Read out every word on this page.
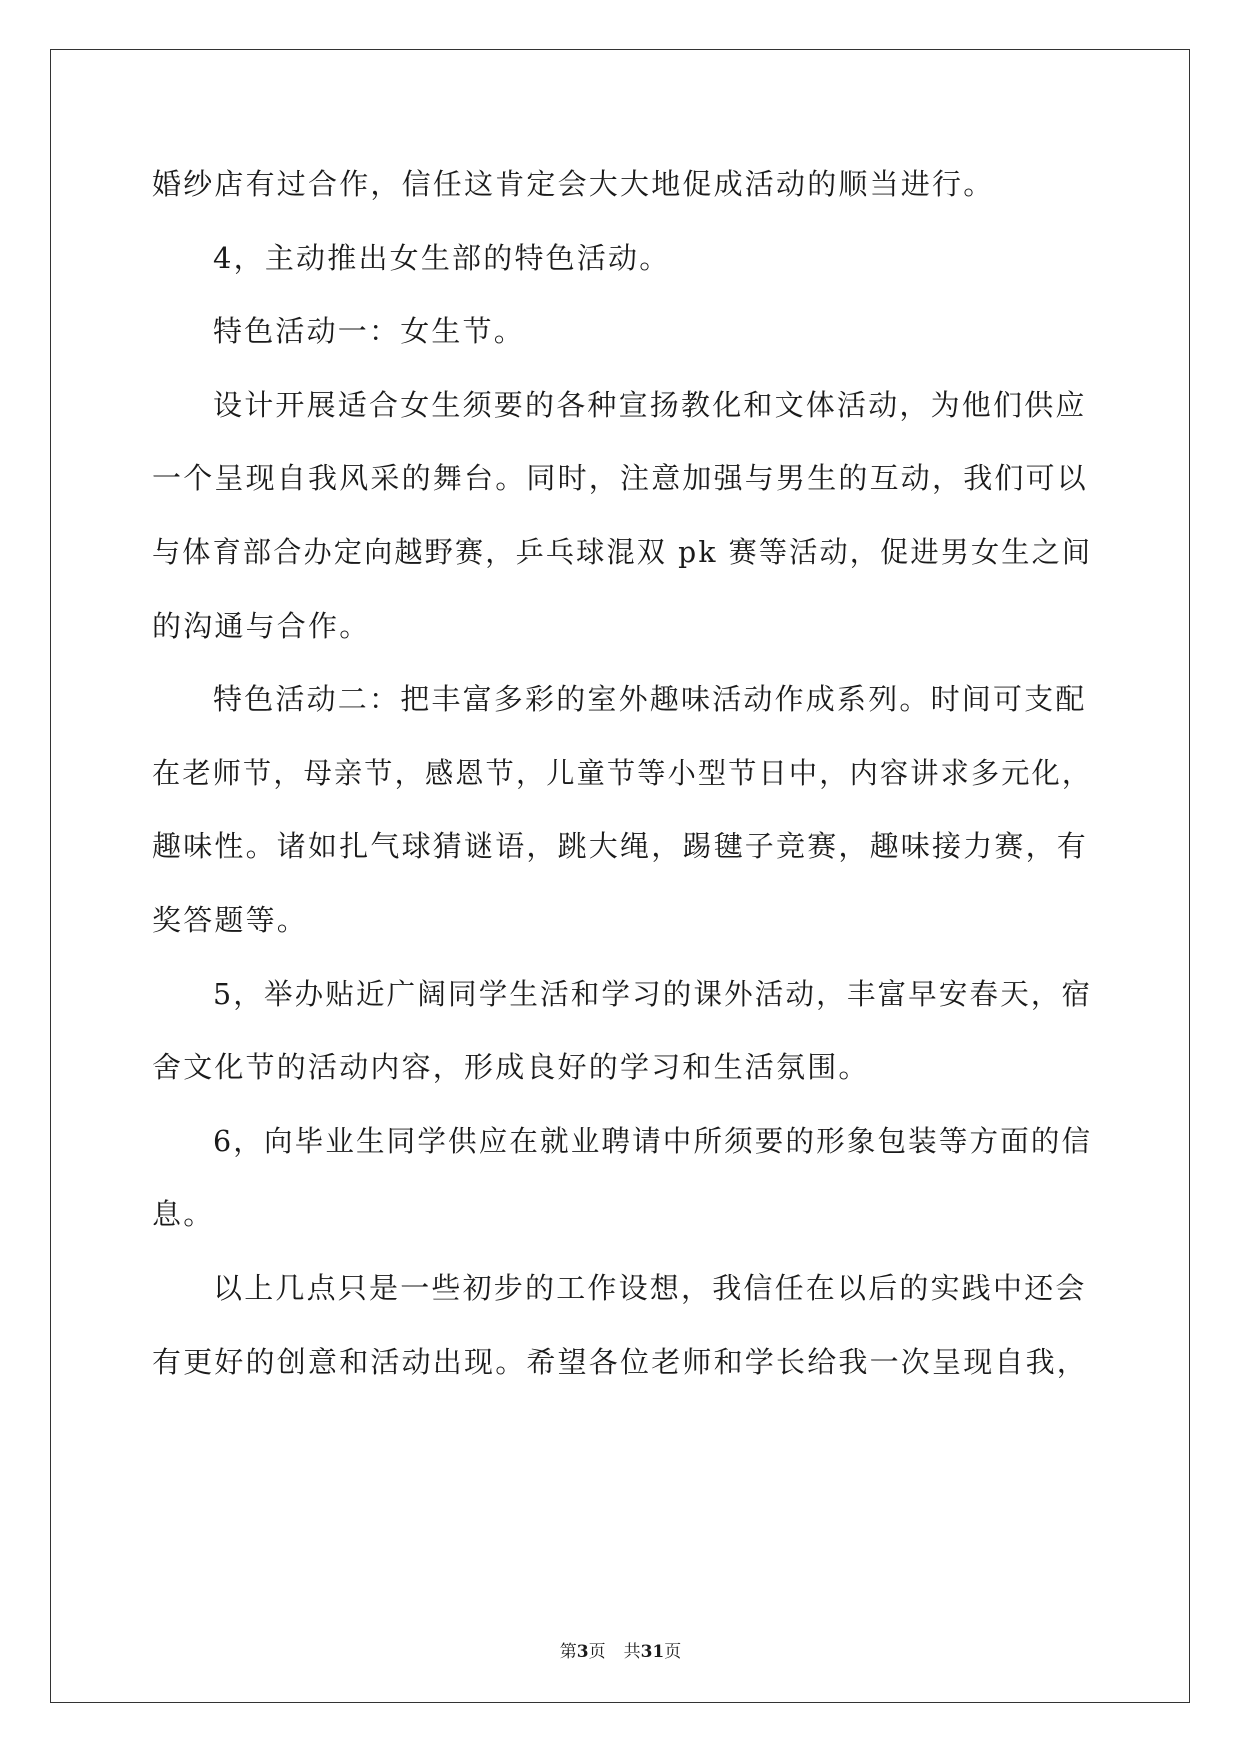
婚纱店有过合作，信任这肯定会大大地促成活动的顺当进行。
4，主动推出女生部的特色活动。
特色活动一：女生节。
设计开展适合女生须要的各种宣扬教化和文体活动，为他们供应
一个呈现自我风采的舞台。同时，注意加强与男生的互动，我们可以
与体育部合办定向越野赛，乒乓球混双 pk 赛等活动，促进男女生之间
的沟通与合作。
特色活动二：把丰富多彩的室外趣味活动作成系列。时间可支配
在老师节，母亲节，感恩节，儿童节等小型节日中，内容讲求多元化，
趣味性。诸如扎气球猜谜语，跳大绳，踢毽子竞赛，趣味接力赛，有
奖答题等。
5，举办贴近广阔同学生活和学习的课外活动，丰富早安春天，宿
舍文化节的活动内容，形成良好的学习和生活氛围。
6，向毕业生同学供应在就业聘请中所须要的形象包装等方面的信
息。
以上几点只是一些初步的工作设想，我信任在以后的实践中还会
有更好的创意和活动出现。希望各位老师和学长给我一次呈现自我，
第3页 共31页
